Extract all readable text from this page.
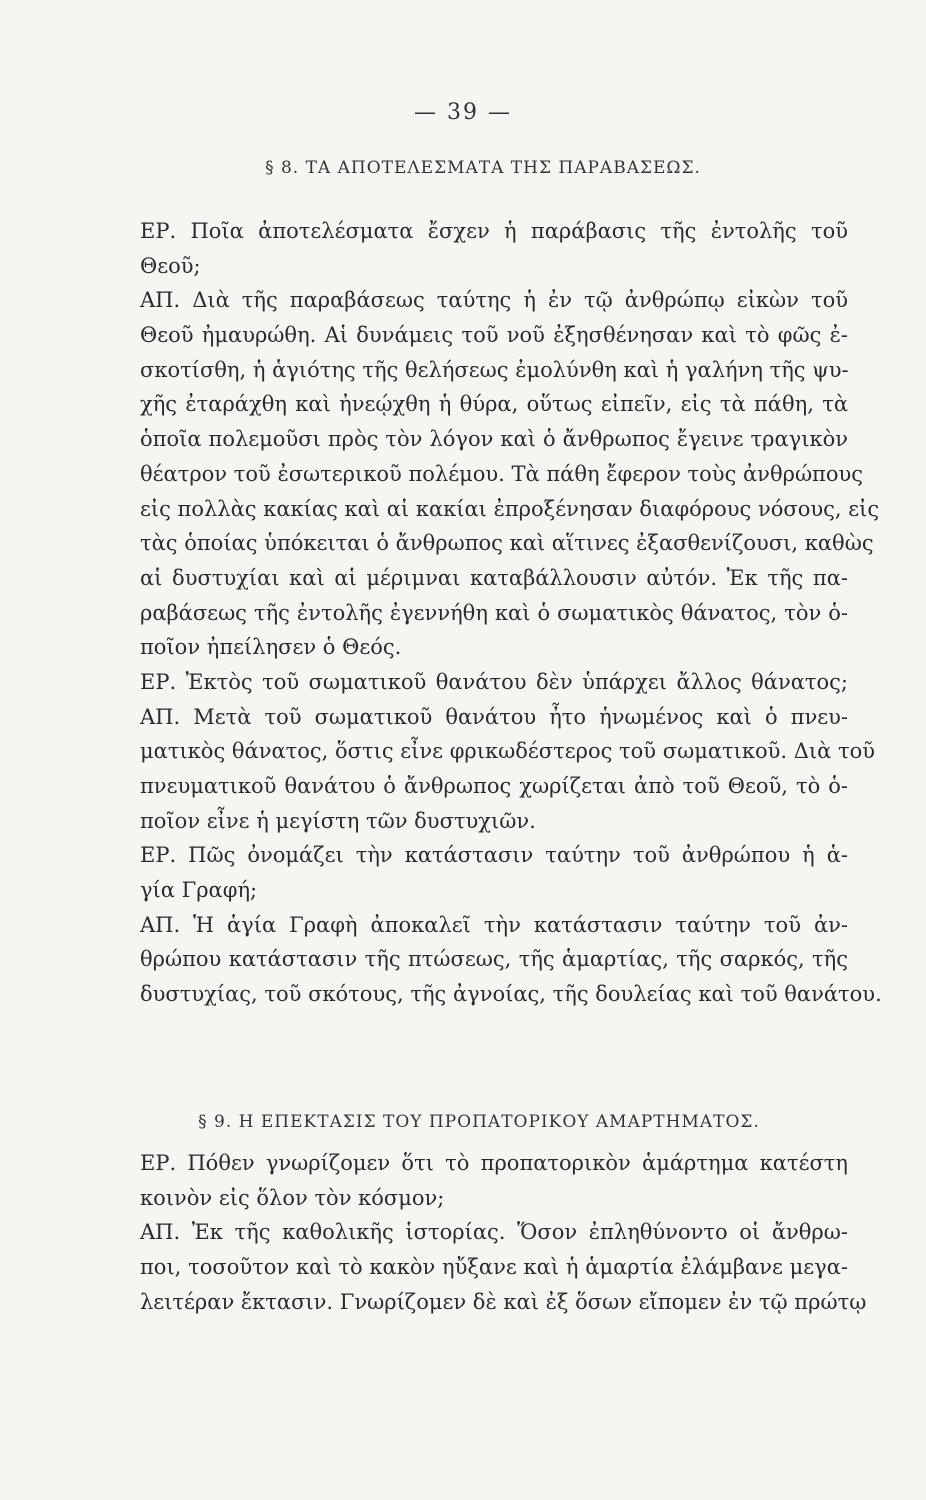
— 39 —
§ 8. ΤΑ ΑΠΟΤΕΛΕΣΜΑΤΑ ΤΗΣ ΠΑΡΑΒΑΣΕΩΣ.
ΕΡ. Ποῖα ἀποτελέσματα ἔσχεν ἡ παράβασις τῆς ἐντολῆς τοῦ
Θεοῦ;
ΑΠ. Διὰ τῆς παραβάσεως ταύτης ἡ ἐν τῷ ἀνθρώπῳ εἰκὼν τοῦ
Θεοῦ ἠμαυρώθη. Αἱ δυνάμεις τοῦ νοῦ ἐξησθένησαν καὶ τὸ φῶς ἐ-
σκοτίσθη, ἡ ἁγιότης τῆς θελήσεως ἐμολύνθη καὶ ἡ γαλήνη τῆς ψυ-
χῆς ἐταράχθη καὶ ἠνεῴχθη ἡ θύρα, οὕτως εἰπεῖν, εἰς τὰ πάθη, τὰ
ὁποῖα πολεμοῦσι πρὸς τὸν λόγον καὶ ὁ ἄνθρωπος ἔγεινε τραγικὸν
θέατρον τοῦ ἐσωτερικοῦ πολέμου. Τὰ πάθη ἔφερον τοὺς ἀνθρώπους
εἰς πολλὰς κακίας καὶ αἱ κακίαι ἐπροξένησαν διαφόρους νόσους, εἰς
τὰς ὁποίας ὑπόκειται ὁ ἄνθρωπος καὶ αἵτινες ἐξασθενίζουσι, καθὼς
αἱ δυστυχίαι καὶ αἱ μέριμναι καταβάλλουσιν αὐτόν. Ἐκ τῆς πα-
ραβάσεως τῆς ἐντολῆς ἐγεννήθη καὶ ὁ σωματικὸς θάνατος, τὸν ὁ-
ποῖον ἠπείλησεν ὁ Θεός.
ΕΡ. Ἐκτὸς τοῦ σωματικοῦ θανάτου δὲν ὑπάρχει ἄλλος θάνατος;
ΑΠ. Μετὰ τοῦ σωματικοῦ θανάτου ἦτο ἡνωμένος καὶ ὁ πνευ-
ματικὸς θάνατος, ὅστις εἶνε φρικωδέστερος τοῦ σωματικοῦ. Διὰ τοῦ
πνευματικοῦ θανάτου ὁ ἄνθρωπος χωρίζεται ἀπὸ τοῦ Θεοῦ, τὸ ὁ-
ποῖον εἶνε ἡ μεγίστη τῶν δυστυχιῶν.
ΕΡ. Πῶς ὀνομάζει τὴν κατάστασιν ταύτην τοῦ ἀνθρώπου ἡ ἁ-
γία Γραφή;
ΑΠ. Ἡ ἁγία Γραφὴ ἀποκαλεῖ τὴν κατάστασιν ταύτην τοῦ ἀν-
θρώπου κατάστασιν τῆς πτώσεως, τῆς ἁμαρτίας, τῆς σαρκός, τῆς
δυστυχίας, τοῦ σκότους, τῆς ἀγνοίας, τῆς δουλείας καὶ τοῦ θανάτου.
§ 9. Η ΕΠΕΚΤΑΣΙΣ ΤΟΥ ΠΡΟΠΑΤΟΡΙΚΟΥ ΑΜΑΡΤΗΜΑΤΟΣ.
ΕΡ. Πόθεν γνωρίζομεν ὅτι τὸ προπατορικὸν ἁμάρτημα κατέστη
κοινὸν εἰς ὅλον τὸν κόσμον;
ΑΠ. Ἐκ τῆς καθολικῆς ἱστορίας. Ὅσον ἐπληθύνοντο οἱ ἄνθρω-
ποι, τοσοῦτον καὶ τὸ κακὸν ηὔξανε καὶ ἡ ἁμαρτία ἐλάμβανε μεγα-
λειτέραν ἔκτασιν. Γνωρίζομεν δὲ καὶ ἐξ ὅσων εἴπομεν ἐν τῷ πρώτῳ
